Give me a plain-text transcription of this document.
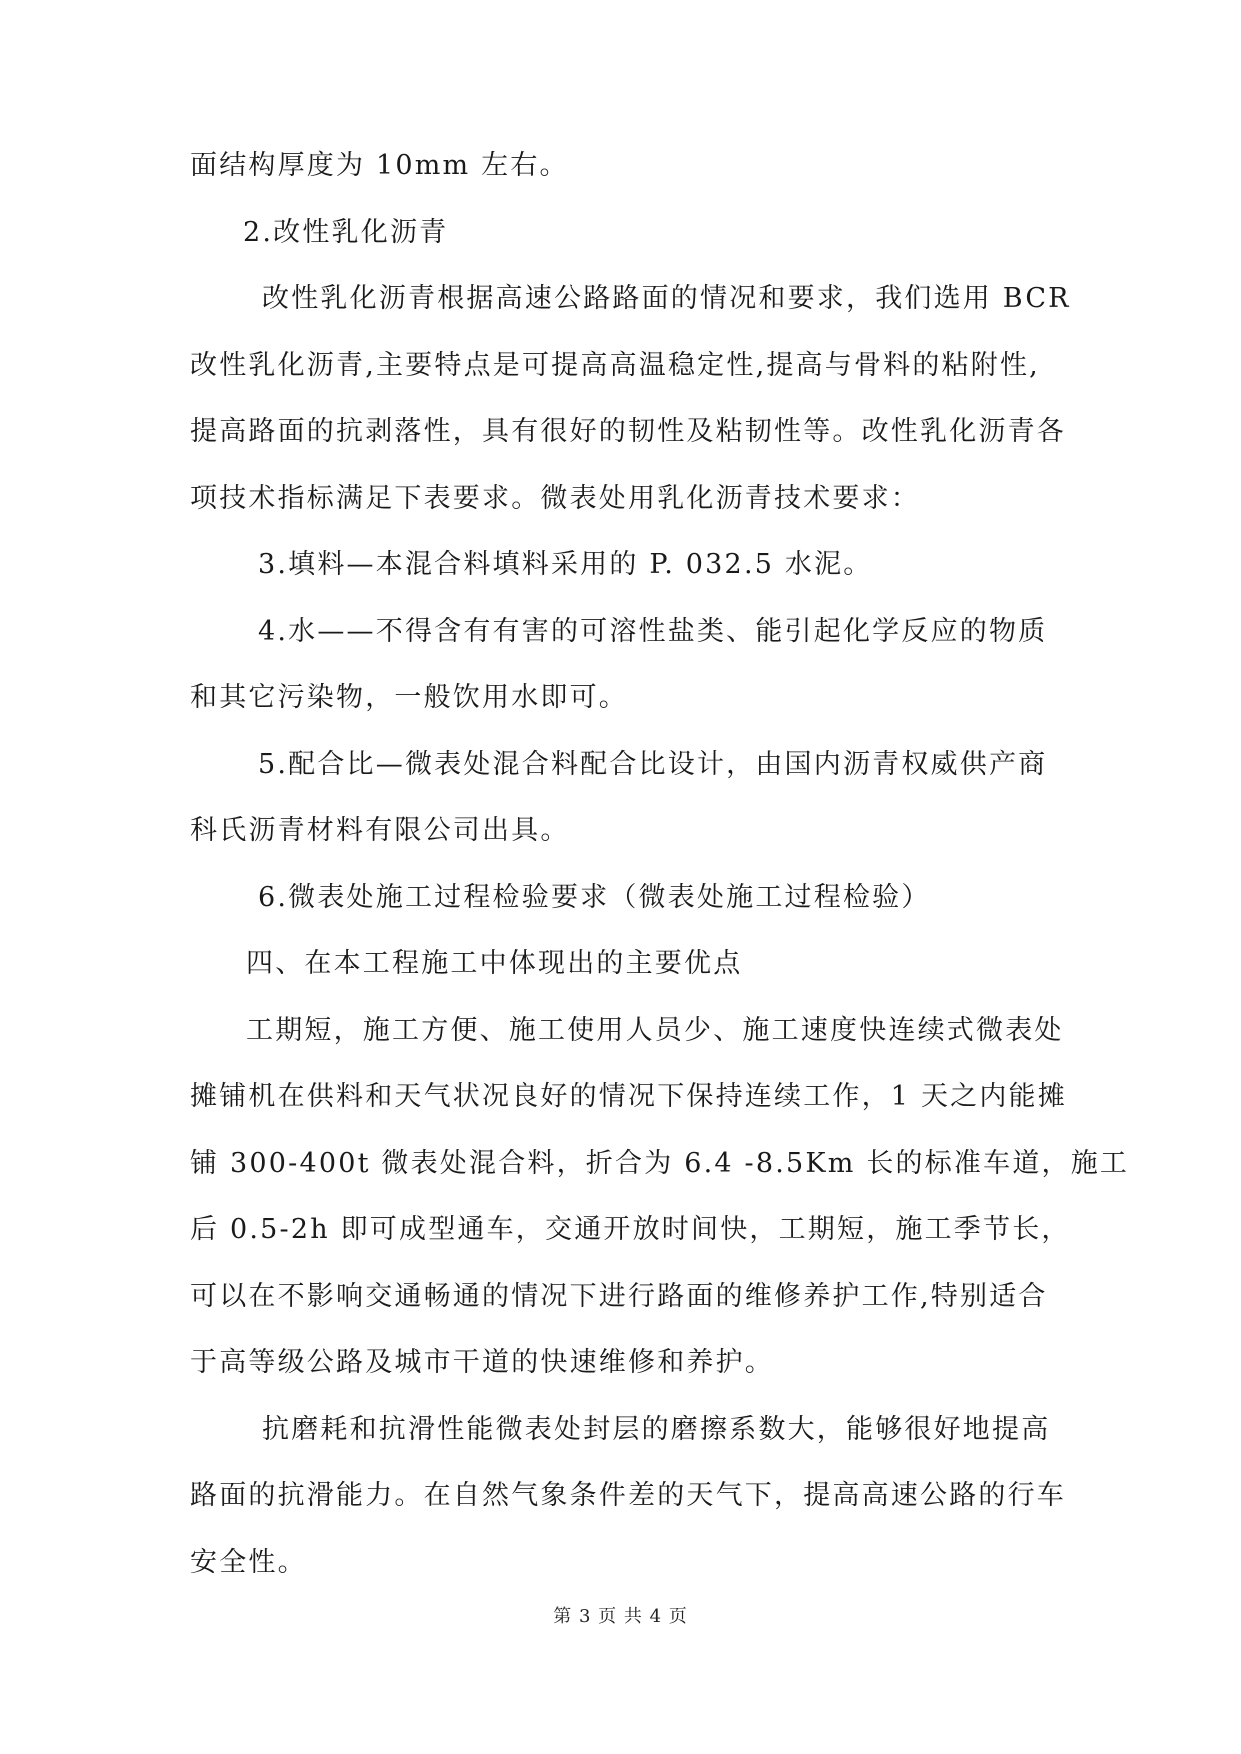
面结构厚度为 10mm 左右。
2.改性乳化沥青
改性乳化沥青根据高速公路路面的情况和要求，我们选用 BCR
改性乳化沥青,主要特点是可提高高温稳定性,提高与骨料的粘附性,
提高路面的抗剥落性，具有很好的韧性及粘韧性等。改性乳化沥青各
项技术指标满足下表要求。微表处用乳化沥青技术要求：
3.填料—本混合料填料采用的 P. 032.5 水泥。
4.水——不得含有有害的可溶性盐类、能引起化学反应的物质
和其它污染物，一般饮用水即可。
5.配合比—微表处混合料配合比设计，由国内沥青权威供产商
科氏沥青材料有限公司出具。
6.微表处施工过程检验要求（微表处施工过程检验）
四、在本工程施工中体现出的主要优点
工期短，施工方便、施工使用人员少、施工速度快连续式微表处
摊铺机在供料和天气状况良好的情况下保持连续工作，1 天之内能摊
铺 300-400t 微表处混合料，折合为 6.4 -8.5Km 长的标准车道，施工
后 0.5-2h 即可成型通车，交通开放时间快，工期短，施工季节长，
可以在不影响交通畅通的情况下进行路面的维修养护工作,特别适合
于高等级公路及城市干道的快速维修和养护。
抗磨耗和抗滑性能微表处封层的磨擦系数大，能够很好地提高
路面的抗滑能力。在自然气象条件差的天气下，提高高速公路的行车
安全性。
第 3 页 共 4 页
